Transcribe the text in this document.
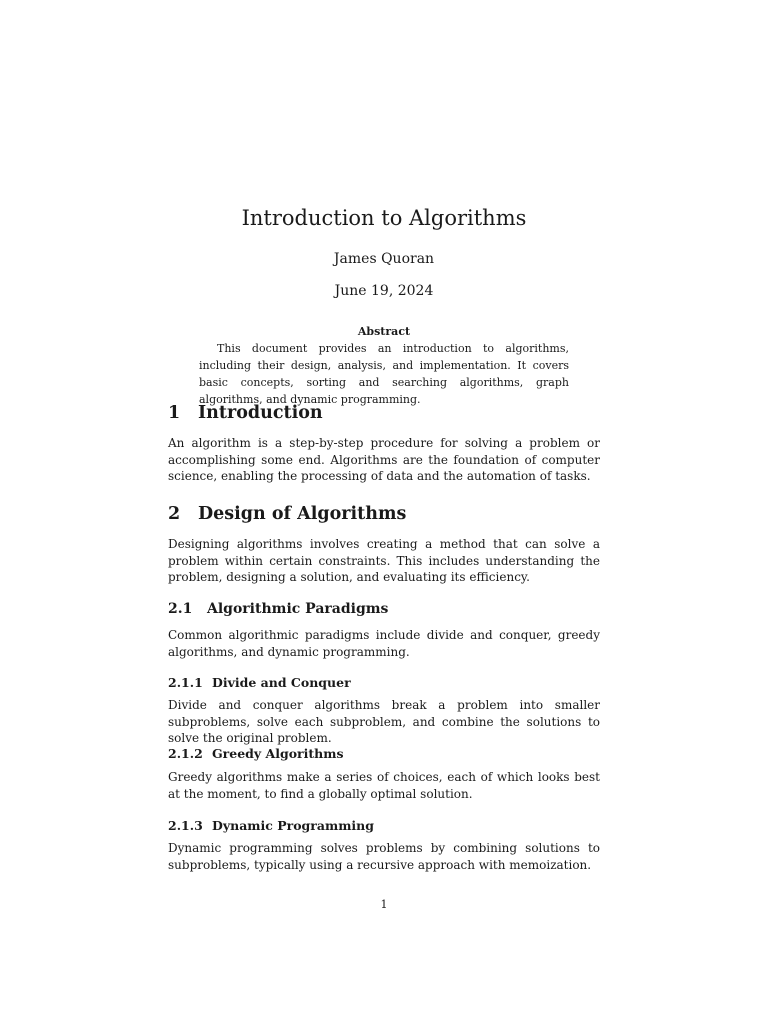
Introduction to Algorithms
James Quoran
June 19, 2024
Abstract

This document provides an introduction to algorithms, including their design, analysis, and implementation. It covers basic concepts, sorting and searching algorithms, graph algorithms, and dynamic programming.

1 Introduction

An algorithm is a step-by-step procedure for solving a problem or accomplishing some end. Algorithms are the foundation of computer science, enabling the processing of data and the automation of tasks.

2 Design of Algorithms

Designing algorithms involves creating a method that can solve a problem within certain constraints. This includes understanding the problem, designing a solution, and evaluating its efficiency.

2.1 Algorithmic Paradigms

Common algorithmic paradigms include divide and conquer, greedy algorithms, and dynamic programming.

2.1.1 Divide and Conquer

Divide and conquer algorithms break a problem into smaller subproblems, solve each subproblem, and combine the solutions to solve the original problem.

2.1.2 Greedy Algorithms

Greedy algorithms make a series of choices, each of which looks best at the moment, to find a globally optimal solution.

2.1.3 Dynamic Programming

Dynamic programming solves problems by combining solutions to subproblems, typically using a recursive approach with memoization.

1
